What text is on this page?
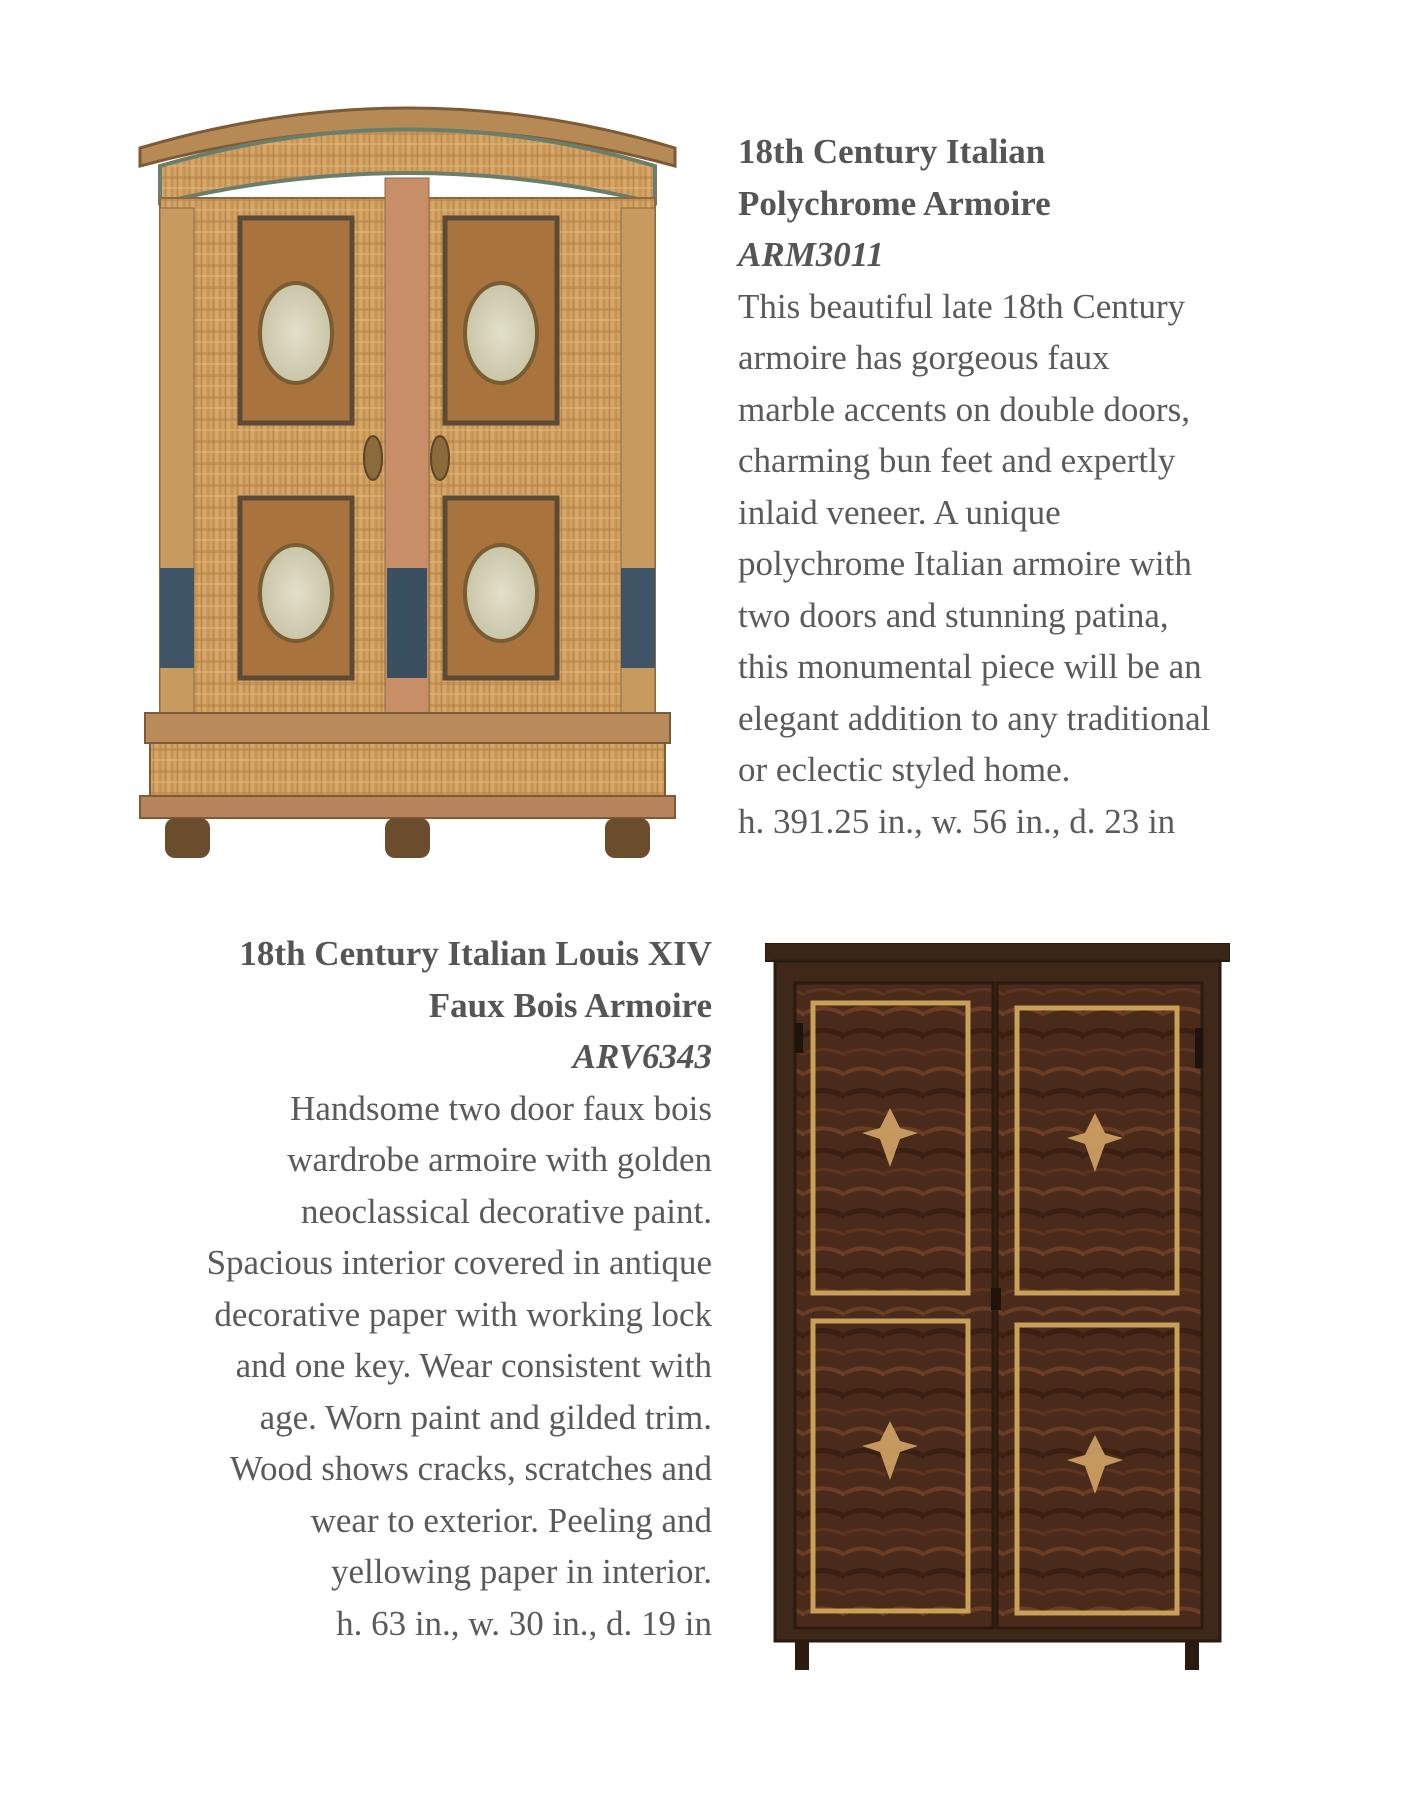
18th Century Italian
Polychrome Armoire
ARM3011
This beautiful late 18th Century
armoire has gorgeous faux
marble accents on double doors,
charming bun feet and expertly
inlaid veneer. A unique
polychrome Italian armoire with
two doors and stunning patina,
this monumental piece will be an
elegant addition to any traditional
or eclectic styled home.
h. 391.25 in., w. 56 in., d. 23 in
18th Century Italian Louis XIV
Faux Bois Armoire
ARV6343
Handsome two door faux bois
wardrobe armoire with golden
neoclassical decorative paint.
Spacious interior covered in antique
decorative paper with working lock
and one key. Wear consistent with
age. Worn paint and gilded trim.
Wood shows cracks, scratches and
wear to exterior. Peeling and
yellowing paper in interior.
h. 63 in., w. 30 in., d. 19 in
